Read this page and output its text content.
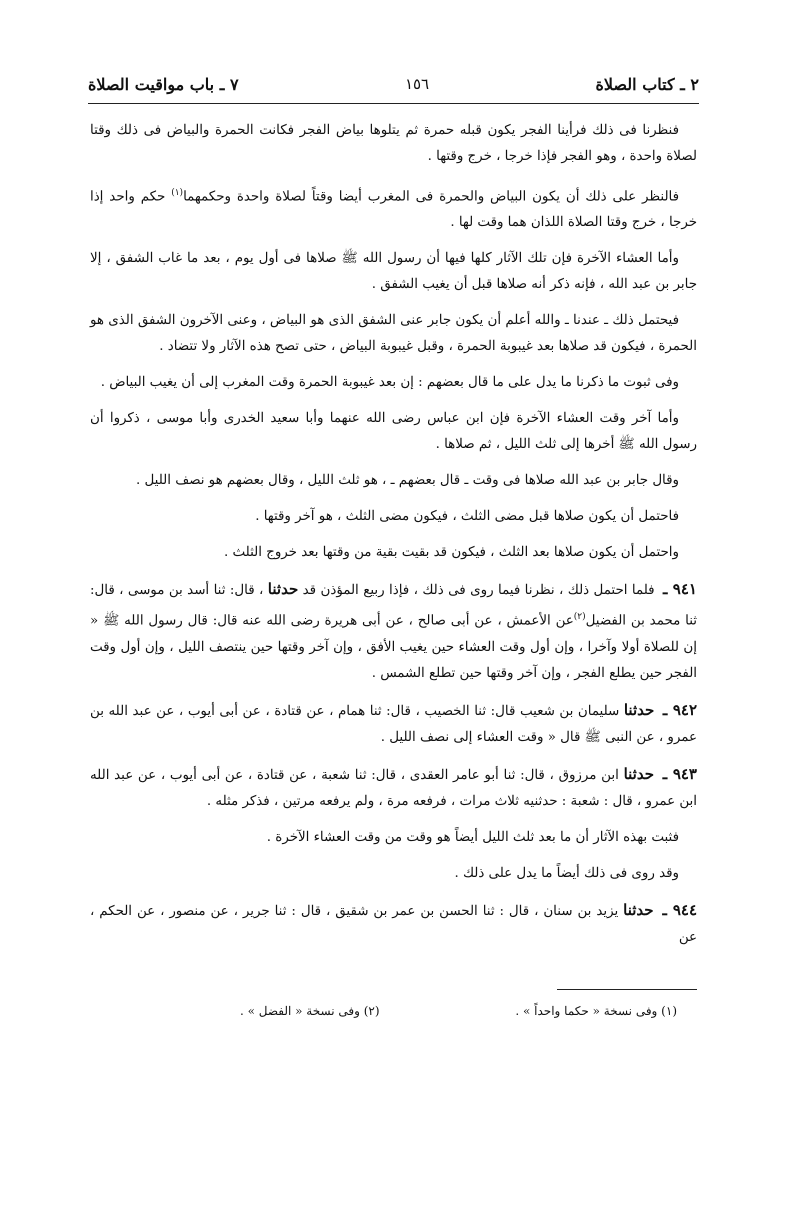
٢ ـ كتاب الصلاة
١٥٦
٧ ـ باب مواقيت الصلاة

فنظرنا فى ذلك فرأينا الفجر يكون قبله حمرة ثم يتلوها بياض الفجر فكانت الحمرة والبياض فى ذلك وقتا لصلاة واحدة ، وهو الفجر فإذا خرجا ، خرج وقتها .

فالنظر على ذلك أن يكون البياض والحمرة فى المغرب أيضا وقتاً لصلاة واحدة وحكمهما$^{(١)}$ حكم واحد إذا خرجا ، خرج وقتا الصلاة اللذان هما وقت لها .

وأما العشاء الآخرة فإن تلك الآثار كلها فيها أن رسول الله ﷺ صلاها فى أول يوم ، بعد ما غاب الشفق ، إلا جابر بن عبد الله ، فإنه ذكر أنه صلاها قبل أن يغيب الشفق .

فيحتمل ذلك ـ عندنا ـ والله أعلم أن يكون جابر عنى الشفق الذى هو البياض ، وعنى الآخرون الشفق الذى هو الحمرة ، فيكون قد صلاها بعد غيبوبة الحمرة ، وقبل غيبوبة البياض ، حتى تصح هذه الآثار ولا تتضاد .

وفى ثبوت ما ذكرنا ما يدل على ما قال بعضهم : إن بعد غيبوبة الحمرة وقت المغرب إلى أن يغيب البياض .

وأما آخر وقت العشاء الآخرة فإن ابن عباس رضى الله عنهما وأبا سعيد الخدرى وأبا موسى ، ذكروا أن رسول الله ﷺ أخرها إلى ثلث الليل ، ثم صلاها .

وقال جابر بن عبد الله صلاها فى وقت ـ قال بعضهم ـ ، هو ثلث الليل ، وقال بعضهم هو نصف الليل .

فاحتمل أن يكون صلاها قبل مضى الثلث ، فيكون مضى الثلث ، هو آخر وقتها .

واحتمل أن يكون صلاها بعد الثلث ، فيكون قد بقيت بقية من وقتها بعد خروج الثلث .

٩٤١ ـ فلما احتمل ذلك ، نظرنا فيما روى فى ذلك ، فإذا ربيع المؤذن قد حدثنا ، قال: ثنا أسد بن موسى ، قال: ثنا محمد بن الفضيل$^{(٢)}$عن الأعمش ، عن أبى صالح ، عن أبى هريرة رضى الله عنه قال: قال رسول الله ﷺ « إن للصلاة أولا وآخرا ، وإن أول وقت العشاء حين يغيب الأفق ، وإن آخر وقتها حين ينتصف الليل ، وإن أول وقت الفجر حين يطلع الفجر ، وإن آخر وقتها حين تطلع الشمس .

٩٤٢ ـ حدثنا سليمان بن شعيب قال: ثنا الخصيب ، قال: ثنا همام ، عن قتادة ، عن أبى أيوب ، عن عبد الله بن عمرو ، عن النبى ﷺ قال « وقت العشاء إلى نصف الليل .

٩٤٣ ـ حدثنا ابن مرزوق ، قال: ثنا أبو عامر العقدى ، قال: ثنا شعبة ، عن قتادة ، عن أبى أيوب ، عن عبد الله ابن عمرو ، قال : شعبة : حدثنيه ثلاث مرات ، فرفعه مرة ، ولم يرفعه مرتين ، فذكر مثله .

فثبت بهذه الآثار أن ما بعد ثلث الليل أيضاً هو وقت من وقت العشاء الآخرة .

وقد روى فى ذلك أيضاً ما يدل على ذلك .

٩٤٤ ـ حدثنا يزيد بن سنان ، قال : ثنا الحسن بن عمر بن شقيق ، قال : ثنا جرير ، عن منصور ، عن الحكم ، عن

(١) وفى نسخة « حكما واحداً » .
(٢) وفى نسخة « الفضل » .
